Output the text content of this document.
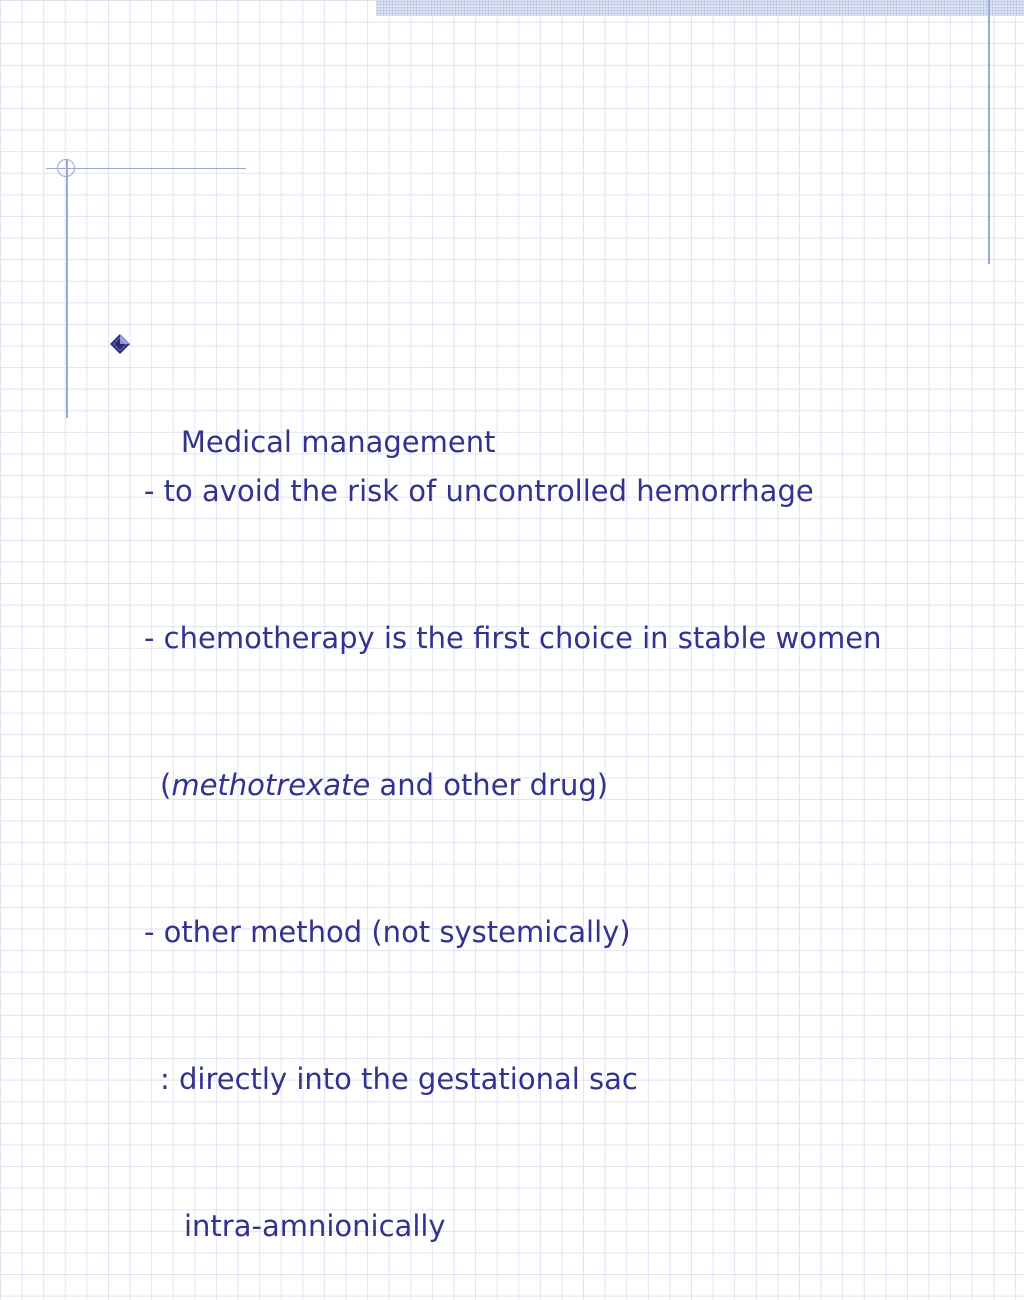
Medical management

- to avoid the risk of uncontrolled hemorrhage

- chemotherapy is the first choice in stable women

(methotrexate and other drug)

- other method (not systemically)

: directly into the gestational sac

intra-amnionically
